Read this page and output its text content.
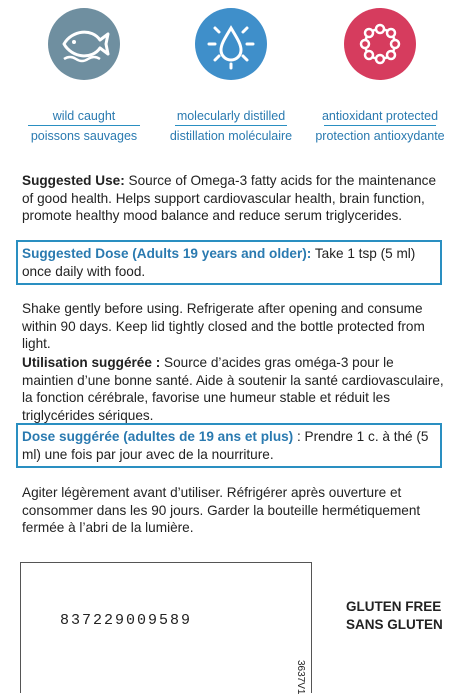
wild caught
poissons sauvages
molecularly distilled
distillation moléculaire
antioxidant protected
protection antioxydante
Suggested Use: Source of Omega-3 fatty acids for the maintenance of good health. Helps support cardiovascular health, brain function, promote healthy mood balance and reduce serum triglycerides.
Suggested Dose (Adults 19 years and older): Take 1 tsp (5 ml) once daily with food.
Shake gently before using. Refrigerate after opening and consume within 90 days. Keep lid tightly closed and the bottle protected from light.
Utilisation suggérée : Source d’acides gras oméga-3 pour le maintien d’une bonne santé. Aide à soutenir la santé cardiovasculaire, la fonction cérébrale, favorise une humeur stable et réduit les triglycérides sériques.
Dose suggérée (adultes de 19 ans et plus) : Prendre 1 c. à thé (5 ml) une fois par jour avec de la nourriture.
Agiter légèrement avant d’utiliser. Réfrigérer après ouverture et consommer dans les 90 jours. Garder la bouteille hermétiquement fermée à l’abri de la lumière.
837229009589
GLUTEN FREE
SANS GLUTEN
3637V1
